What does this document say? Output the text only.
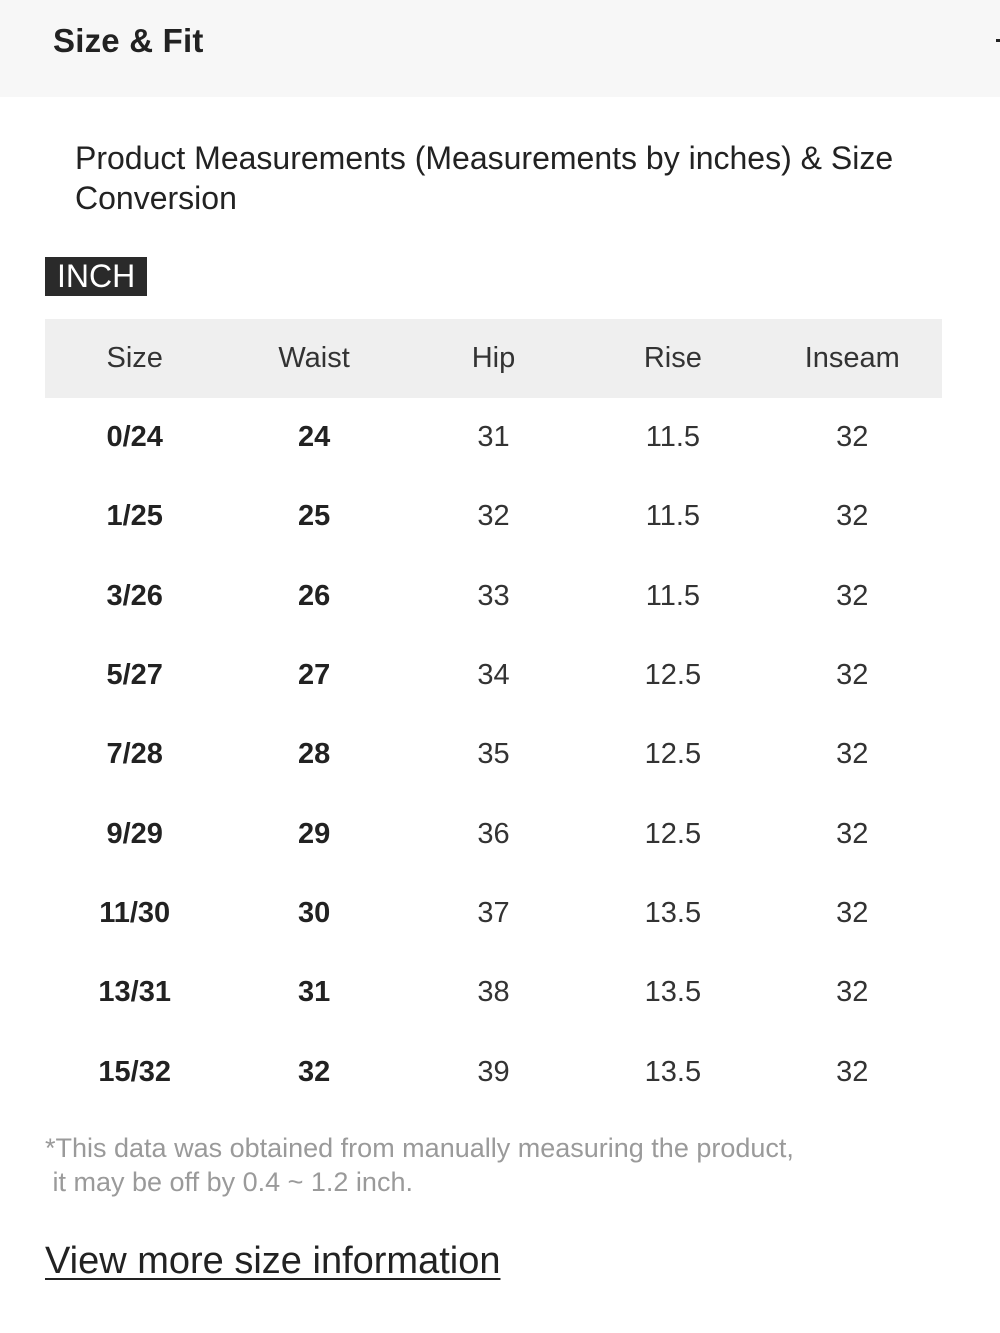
Size & Fit
Product Measurements (Measurements by inches) & Size Conversion
INCH
Size	Waist	Hip	Rise	Inseam
0/24	24	31	11.5	32
1/25	25	32	11.5	32
3/26	26	33	11.5	32
5/27	27	34	12.5	32
7/28	28	35	12.5	32
9/29	29	36	12.5	32
11/30	30	37	13.5	32
13/31	31	38	13.5	32
15/32	32	39	13.5	32
*This data was obtained from manually measuring the product,
it may be off by 0.4 ~ 1.2 inch.
View more size information
